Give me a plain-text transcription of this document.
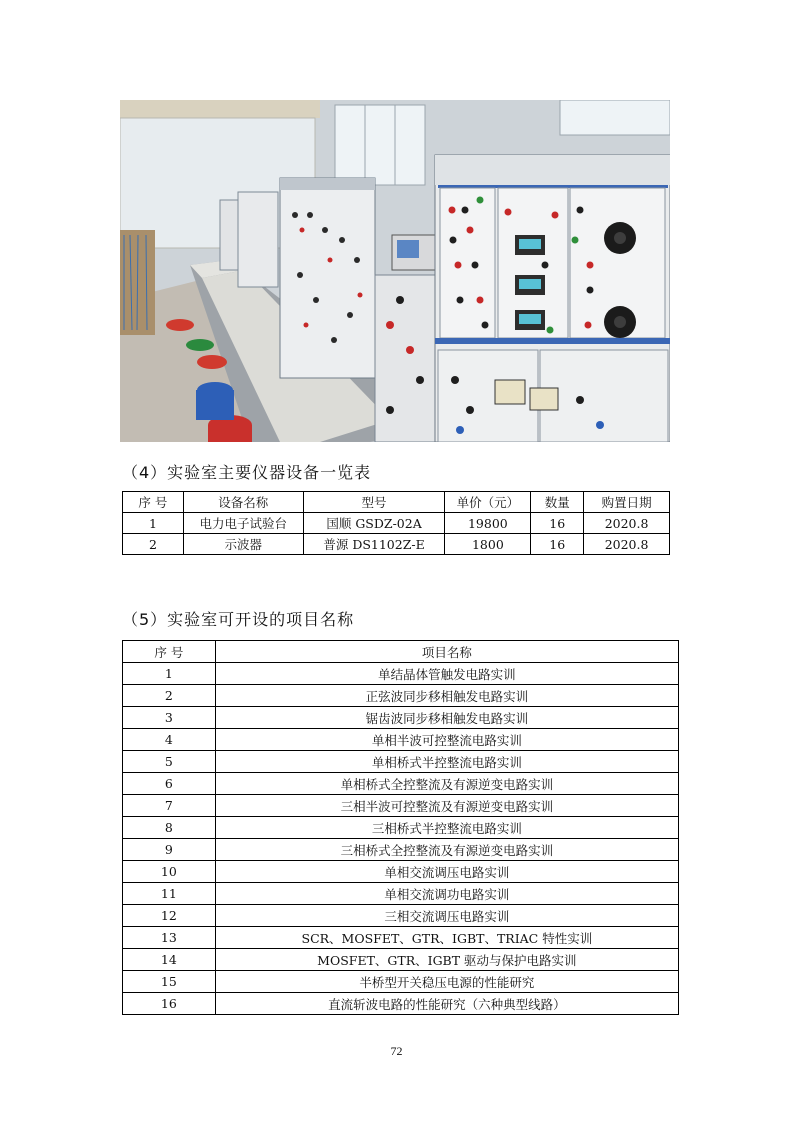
（4）实验室主要仪器设备一览表
序 号	设备名称	型号	单价（元）	数量	购置日期
1	电力电子试验台	国顺 GSDZ-02A	19800	16	2020.8
2	示波器	普源 DS1102Z-E	1800	16	2020.8
（5）实验室可开设的项目名称
序 号	项目名称
1	单结晶体管触发电路实训
2	正弦波同步移相触发电路实训
3	锯齿波同步移相触发电路实训
4	单相半波可控整流电路实训
5	单相桥式半控整流电路实训
6	单相桥式全控整流及有源逆变电路实训
7	三相半波可控整流及有源逆变电路实训
8	三相桥式半控整流电路实训
9	三相桥式全控整流及有源逆变电路实训
10	单相交流调压电路实训
11	单相交流调功电路实训
12	三相交流调压电路实训
13	SCR、MOSFET、GTR、IGBT、TRIAC 特性实训
14	MOSFET、GTR、IGBT 驱动与保护电路实训
15	半桥型开关稳压电源的性能研究
16	直流斩波电路的性能研究（六种典型线路）
72
